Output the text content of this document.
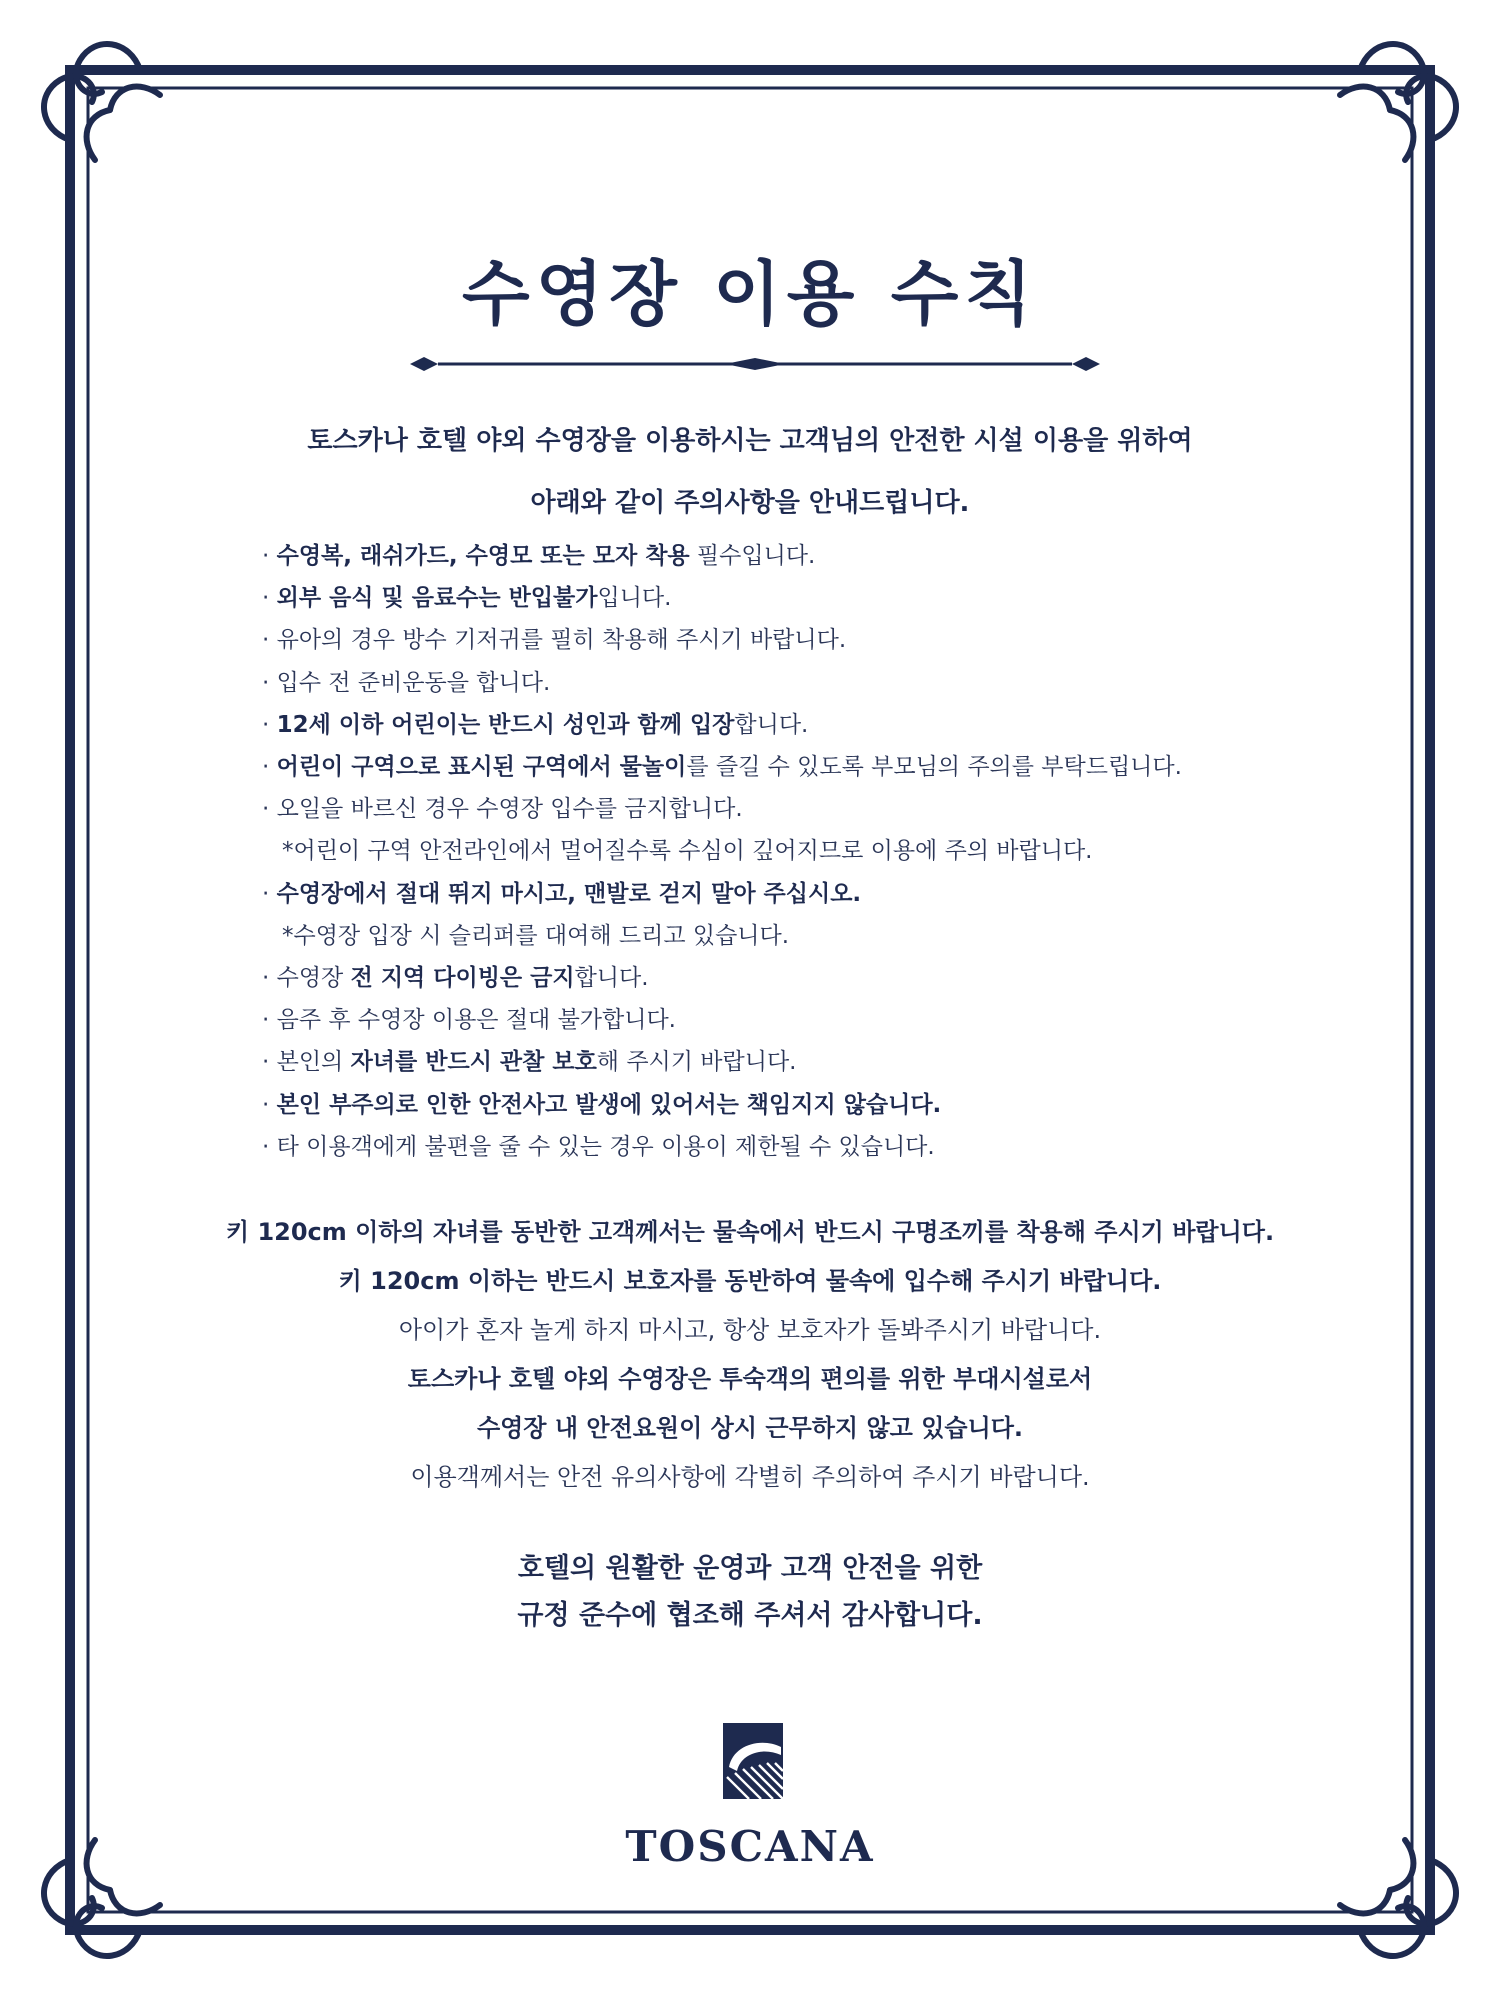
수영장 이용 수칙
토스카나 호텔 야외 수영장을 이용하시는 고객님의 안전한 시설 이용을 위하여
아래와 같이 주의사항을 안내드립니다.
· 수영복, 래쉬가드, 수영모 또는 모자 착용 필수입니다.
· 외부 음식 및 음료수는 반입불가입니다.
· 유아의 경우 방수 기저귀를 필히 착용해 주시기 바랍니다.
· 입수 전 준비운동을 합니다.
· 12세 이하 어린이는 반드시 성인과 함께 입장합니다.
· 어린이 구역으로 표시된 구역에서 물놀이를 즐길 수 있도록 부모님의 주의를 부탁드립니다.
· 오일을 바르신 경우 수영장 입수를 금지합니다.
*어린이 구역 안전라인에서 멀어질수록 수심이 깊어지므로 이용에 주의 바랍니다.
· 수영장에서 절대 뛰지 마시고, 맨발로 걷지 말아 주십시오.
*수영장 입장 시 슬리퍼를 대여해 드리고 있습니다.
· 수영장 전 지역 다이빙은 금지합니다.
· 음주 후 수영장 이용은 절대 불가합니다.
· 본인의 자녀를 반드시 관찰 보호해 주시기 바랍니다.
· 본인 부주의로 인한 안전사고 발생에 있어서는 책임지지 않습니다.
· 타 이용객에게 불편을 줄 수 있는 경우 이용이 제한될 수 있습니다.
키 120cm 이하의 자녀를 동반한 고객께서는 물속에서 반드시 구명조끼를 착용해 주시기 바랍니다.
키 120cm 이하는 반드시 보호자를 동반하여 물속에 입수해 주시기 바랍니다.
아이가 혼자 놀게 하지 마시고, 항상 보호자가 돌봐주시기 바랍니다.
토스카나 호텔 야외 수영장은 투숙객의 편의를 위한 부대시설로서
수영장 내 안전요원이 상시 근무하지 않고 있습니다.
이용객께서는 안전 유의사항에 각별히 주의하여 주시기 바랍니다.
호텔의 원활한 운영과 고객 안전을 위한
규정 준수에 협조해 주셔서 감사합니다.
TOSCANA
